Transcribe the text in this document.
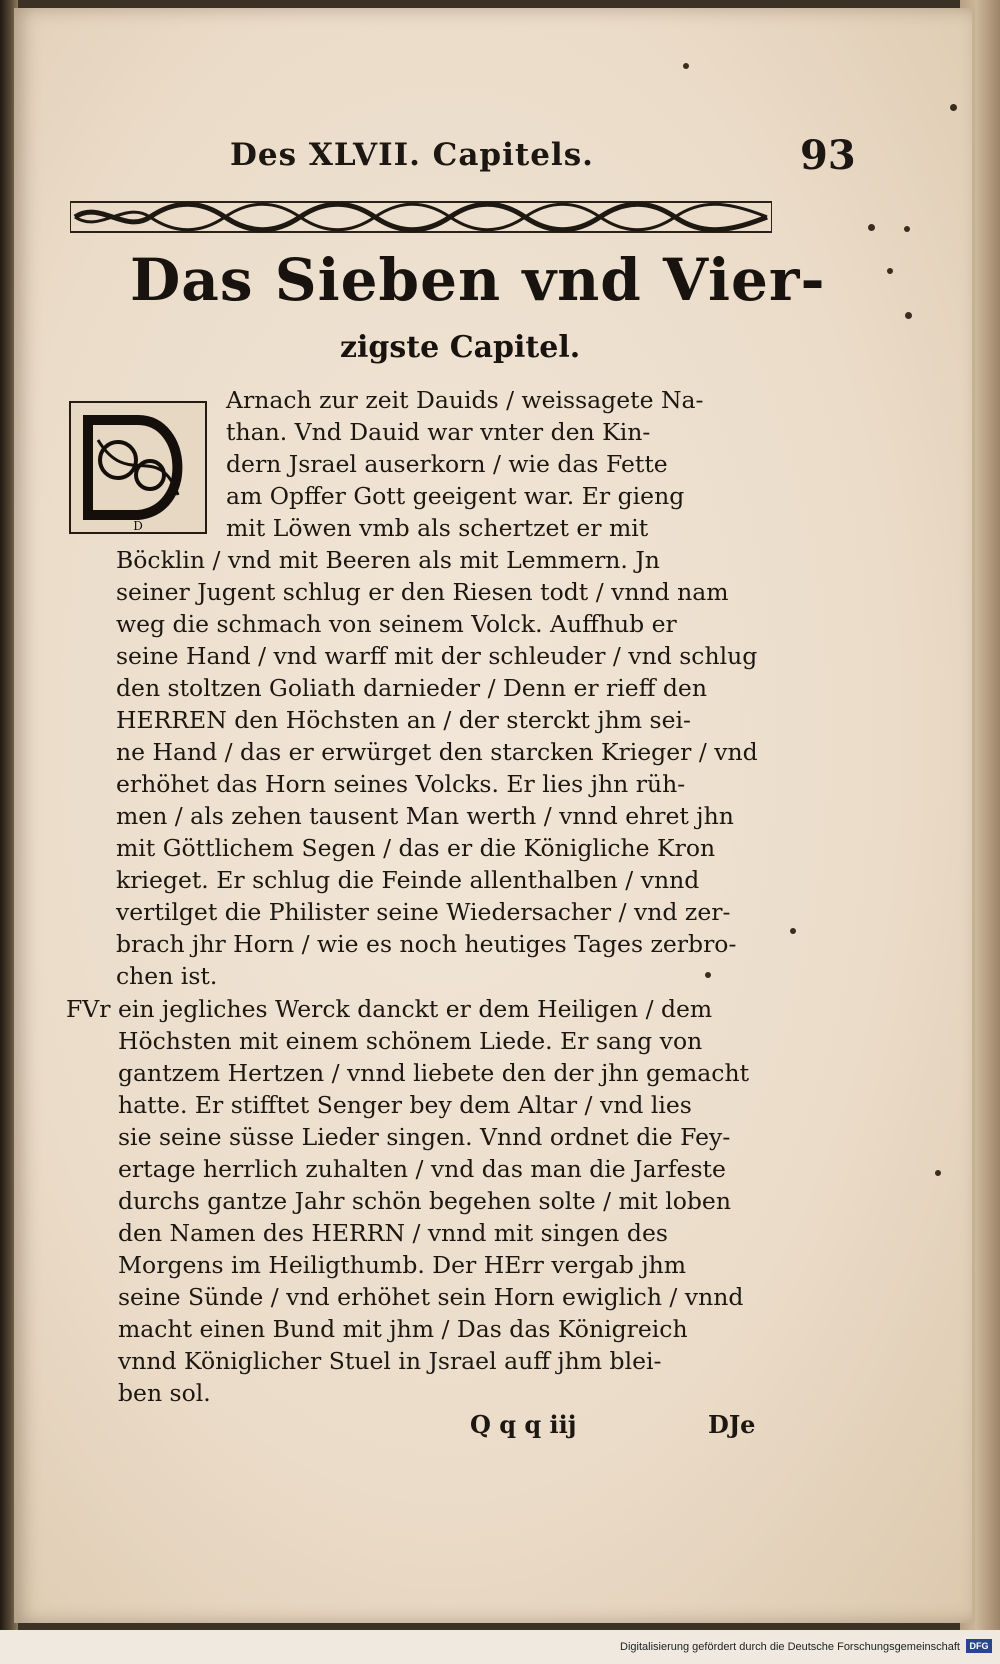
Des XLVII. Capitels.	93
Das Sieben vnd Vier-
zigste Capitel.
D
Arnach zur zeit Dauids / weissagete Na-
than. Vnd Dauid war vnter den Kin-
dern Jsrael auserkorn / wie das Fette
am Opffer Gott geeigent war. Er gieng
mit Löwen vmb als schertzet er mit
Böcklin / vnd mit Beeren als mit Lemmern. Jn
seiner Jugent schlug er den Riesen todt / vnnd nam
weg die schmach von seinem Volck. Auffhub er
seine Hand / vnd warff mit der schleuder / vnd schlug
den stoltzen Goliath darnieder / Denn er rieff den
HERREN den Höchsten an / der sterckt jhm sei-
ne Hand / das er erwürget den starcken Krieger / vnd
erhöhet das Horn seines Volcks. Er lies jhn rüh-
men / als zehen tausent Man werth / vnnd ehret jhn
mit Göttlichem Segen / das er die Königliche Kron
krieget. Er schlug die Feinde allenthalben / vnnd
vertilget die Philister seine Wiedersacher / vnd zer-
brach jhr Horn / wie es noch heutiges Tages zerbro-
chen ist.
FVr ein jegliches Werck danckt er dem Heiligen / dem
Höchsten mit einem schönem Liede. Er sang von
gantzem Hertzen / vnnd liebete den der jhn gemacht
hatte. Er stifftet Senger bey dem Altar / vnd lies
sie seine süsse Lieder singen. Vnnd ordnet die Fey-
ertage herrlich zuhalten / vnd das man die Jarfeste
durchs gantze Jahr schön begehen solte / mit loben
den Namen des HERRN / vnnd mit singen des
Morgens im Heiligthumb. Der HErr vergab jhm
seine Sünde / vnd erhöhet sein Horn ewiglich / vnnd
macht einen Bund mit jhm / Das das Königreich
vnnd Königlicher Stuel in Jsrael auff jhm blei-
ben sol.
Q q q iij	DJe
Digitalisierung gefördert durch die Deutsche Forschungsgemeinschaft	DFG
